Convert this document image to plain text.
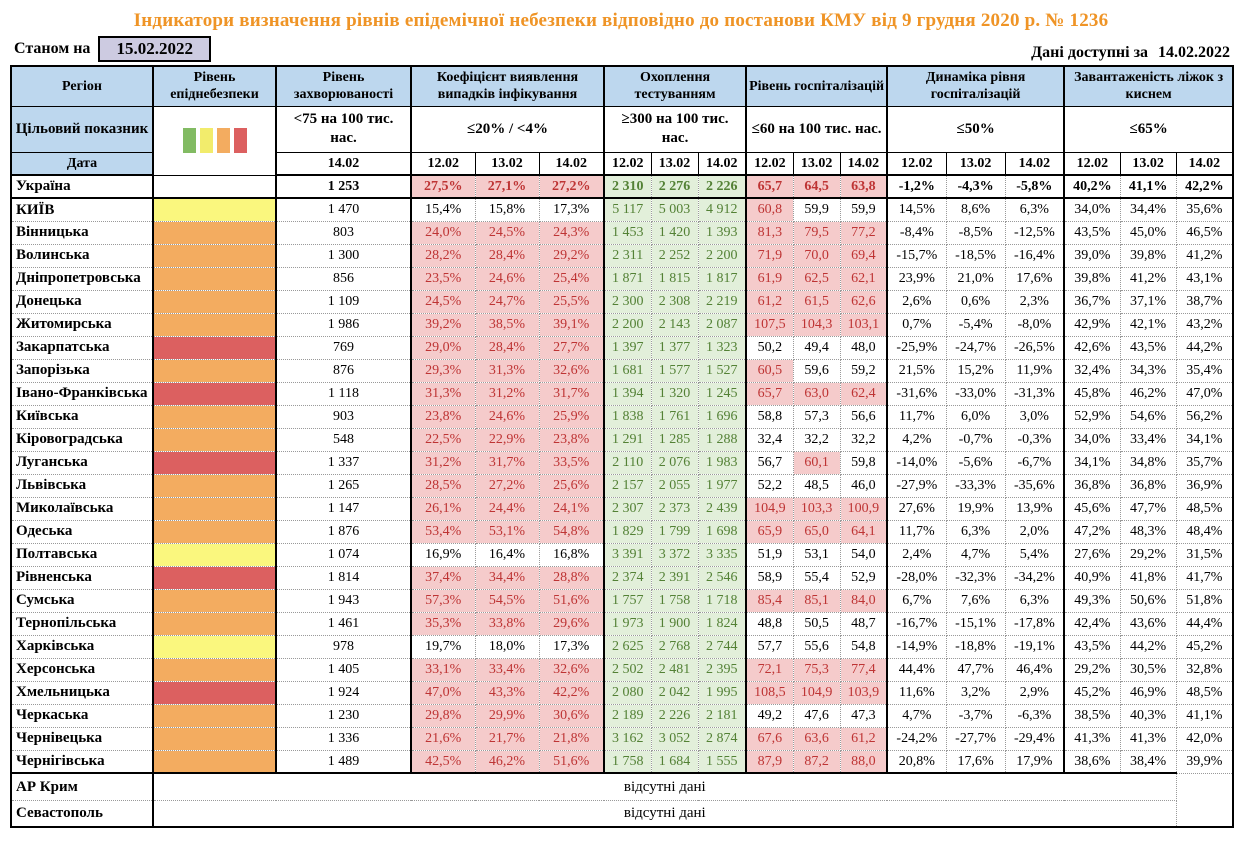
Індикатори визначення рівнів епідемічної небезпеки відповідно до постанови КМУ від 9 грудня 2020 р. № 1236
Станом на	15.02.2022	Дані доступні за 14.02.2022
Регіон	Рівень епіднебезпеки	Рівень захворюваності	Коефіцієнт виявлення випадків інфікування			Охоплення тестуванням			Рівень госпіталізацій			Динаміка рівня госпіталізацій			Завантаженість ліжок з киснем		
Цільовий показник		<75 на 100 тис. нас.	≤20% / <4%			≥300 на 100 тис. нас.			≤60 на 100 тис. нас.			≤50%			≤65%		
Дата		14.02	12.02	13.02	14.02	12.02	13.02	14.02	12.02	13.02	14.02	12.02	13.02	14.02	12.02	13.02	14.02
Україна		1 253	27,5%	27,1%	27,2%	2 310	2 276	2 226	65,7	64,5	63,8	-1,2%	-4,3%	-5,8%	40,2%	41,1%	42,2%
КИЇВ		1 470	15,4%	15,8%	17,3%	5 117	5 003	4 912	60,8	59,9	59,9	14,5%	8,6%	6,3%	34,0%	34,4%	35,6%
Вінницька		803	24,0%	24,5%	24,3%	1 453	1 420	1 393	81,3	79,5	77,2	-8,4%	-8,5%	-12,5%	43,5%	45,0%	46,5%
Волинська		1 300	28,2%	28,4%	29,2%	2 311	2 252	2 200	71,9	70,0	69,4	-15,7%	-18,5%	-16,4%	39,0%	39,8%	41,2%
Дніпропетровська		856	23,5%	24,6%	25,4%	1 871	1 815	1 817	61,9	62,5	62,1	23,9%	21,0%	17,6%	39,8%	41,2%	43,1%
Донецька		1 109	24,5%	24,7%	25,5%	2 300	2 308	2 219	61,2	61,5	62,6	2,6%	0,6%	2,3%	36,7%	37,1%	38,7%
Житомирська		1 986	39,2%	38,5%	39,1%	2 200	2 143	2 087	107,5	104,3	103,1	0,7%	-5,4%	-8,0%	42,9%	42,1%	43,2%
Закарпатська		769	29,0%	28,4%	27,7%	1 397	1 377	1 323	50,2	49,4	48,0	-25,9%	-24,7%	-26,5%	42,6%	43,5%	44,2%
Запорізька		876	29,3%	31,3%	32,6%	1 681	1 577	1 527	60,5	59,6	59,2	21,5%	15,2%	11,9%	32,4%	34,3%	35,4%
Івано-Франківська		1 118	31,3%	31,2%	31,7%	1 394	1 320	1 245	65,7	63,0	62,4	-31,6%	-33,0%	-31,3%	45,8%	46,2%	47,0%
Київська		903	23,8%	24,6%	25,9%	1 838	1 761	1 696	58,8	57,3	56,6	11,7%	6,0%	3,0%	52,9%	54,6%	56,2%
Кіровоградська		548	22,5%	22,9%	23,8%	1 291	1 285	1 288	32,4	32,2	32,2	4,2%	-0,7%	-0,3%	34,0%	33,4%	34,1%
Луганська		1 337	31,2%	31,7%	33,5%	2 110	2 076	1 983	56,7	60,1	59,8	-14,0%	-5,6%	-6,7%	34,1%	34,8%	35,7%
Львівська		1 265	28,5%	27,2%	25,6%	2 157	2 055	1 977	52,2	48,5	46,0	-27,9%	-33,3%	-35,6%	36,8%	36,8%	36,9%
Миколаївська		1 147	26,1%	24,4%	24,1%	2 307	2 373	2 439	104,9	103,3	100,9	27,6%	19,9%	13,9%	45,6%	47,7%	48,5%
Одеська		1 876	53,4%	53,1%	54,8%	1 829	1 799	1 698	65,9	65,0	64,1	11,7%	6,3%	2,0%	47,2%	48,3%	48,4%
Полтавська		1 074	16,9%	16,4%	16,8%	3 391	3 372	3 335	51,9	53,1	54,0	2,4%	4,7%	5,4%	27,6%	29,2%	31,5%
Рівненська		1 814	37,4%	34,4%	28,8%	2 374	2 391	2 546	58,9	55,4	52,9	-28,0%	-32,3%	-34,2%	40,9%	41,8%	41,7%
Сумська		1 943	57,3%	54,5%	51,6%	1 757	1 758	1 718	85,4	85,1	84,0	6,7%	7,6%	6,3%	49,3%	50,6%	51,8%
Тернопільська		1 461	35,3%	33,8%	29,6%	1 973	1 900	1 824	48,8	50,5	48,7	-16,7%	-15,1%	-17,8%	42,4%	43,6%	44,4%
Харківська		978	19,7%	18,0%	17,3%	2 625	2 768	2 744	57,7	55,6	54,8	-14,9%	-18,8%	-19,1%	43,5%	44,2%	45,2%
Херсонська		1 405	33,1%	33,4%	32,6%	2 502	2 481	2 395	72,1	75,3	77,4	44,4%	47,7%	46,4%	29,2%	30,5%	32,8%
Хмельницька		1 924	47,0%	43,3%	42,2%	2 080	2 042	1 995	108,5	104,9	103,9	11,6%	3,2%	2,9%	45,2%	46,9%	48,5%
Черкаська		1 230	29,8%	29,9%	30,6%	2 189	2 226	2 181	49,2	47,6	47,3	4,7%	-3,7%	-6,3%	38,5%	40,3%	41,1%
Чернівецька		1 336	21,6%	21,7%	21,8%	3 162	3 052	2 874	67,6	63,6	61,2	-24,2%	-27,7%	-29,4%	41,3%	41,3%	42,0%
Чернігівська		1 489	42,5%	46,2%	51,6%	1 758	1 684	1 555	87,9	87,2	88,0	20,8%	17,6%	17,9%	38,6%	38,4%	39,9%
АР Крим	відсутні дані																
Севастополь	відсутні дані																
